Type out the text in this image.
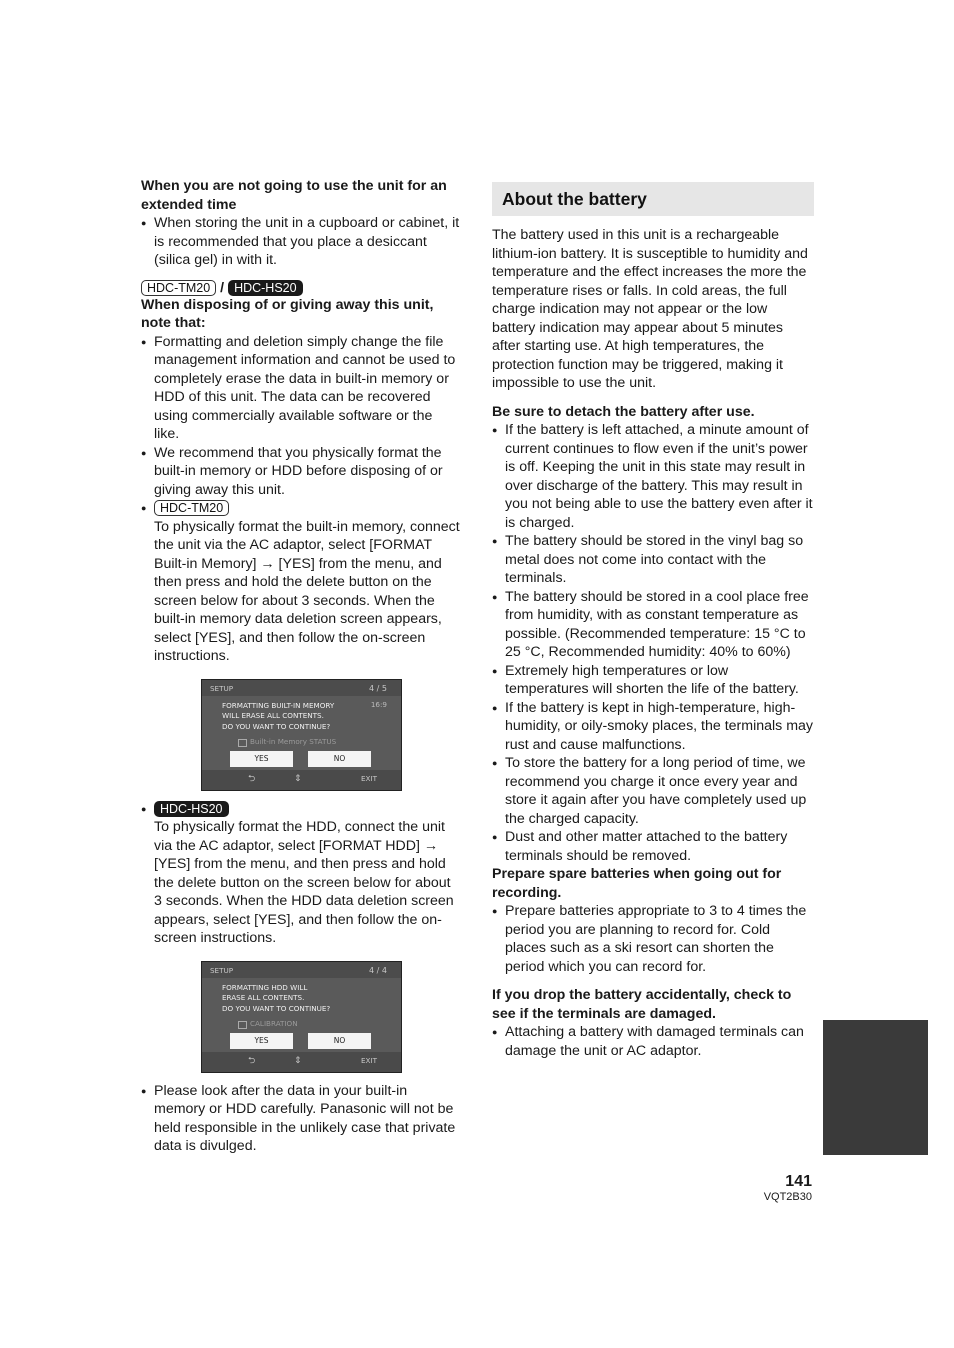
When you are not going to use the unit for an extended time

● When storing the unit in a cupboard or cabinet, it is recommended that you place a desiccant (silica gel) in with it.

HDC-TM20 / HDC-HS20

When disposing of or giving away this unit, note that:

● Formatting and deletion simply change the file management information and cannot be used to completely erase the data in built-in memory or HDD of this unit. The data can be recovered using commercially available software or the like.

● We recommend that you physically format the built-in memory or HDD before disposing of or giving away this unit.

● HDC-TM20

To physically format the built-in memory, connect the unit via the AC adaptor, select [FORMAT Built-in Memory] → [YES] from the menu, and then press and hold the delete button on the screen below for about 3 seconds. When the built-in memory data deletion screen appears, select [YES], and then follow the on-screen instructions.

SETUP	4 / 5
16:9
FORMATTING BUILT-IN MEMORY
WILL ERASE ALL CONTENTS.
DO YOU WANT TO CONTINUE?
Built-in Memory STATUS
YES	NO
⮌	⇕	EXIT
● HDC-HS20

To physically format the HDD, connect the unit via the AC adaptor, select [FORMAT HDD] → [YES] from the menu, and then press and hold the delete button on the screen below for about 3 seconds. When the HDD data deletion screen appears, select [YES], and then follow the on-screen instructions.

SETUP	4 / 4
FORMATTING HDD WILL
ERASE ALL CONTENTS.
DO YOU WANT TO CONTINUE?
CALIBRATION
YES	NO
⮌	⇕	EXIT

● Please look after the data in your built-in memory or HDD carefully. Panasonic will not be held responsible in the unlikely case that private data is divulged.

About the battery

The battery used in this unit is a rechargeable lithium-ion battery. It is susceptible to humidity and temperature and the effect increases the more the temperature rises or falls. In cold areas, the full charge indication may not appear or the low battery indication may appear about 5 minutes after starting use. At high temperatures, the protection function may be triggered, making it impossible to use the unit.

Be sure to detach the battery after use.

● If the battery is left attached, a minute amount of current continues to flow even if the unit’s power is off. Keeping the unit in this state may result in over discharge of the battery. This may result in you not being able to use the battery even after it is charged.

● The battery should be stored in the vinyl bag so metal does not come into contact with the terminals.

● The battery should be stored in a cool place free from humidity, with as constant temperature as possible. (Recommended temperature: 15 °C to 25 °C, Recommended humidity: 40% to 60%)

● Extremely high temperatures or low temperatures will shorten the life of the battery.

● If the battery is kept in high-temperature, high-humidity, or oily-smoky places, the terminals may rust and cause malfunctions.

● To store the battery for a long period of time, we recommend you charge it once every year and store it again after you have completely used up the charged capacity.

● Dust and other matter attached to the battery terminals should be removed.

Prepare spare batteries when going out for recording.

● Prepare batteries appropriate to 3 to 4 times the period you are planning to record for. Cold places such as a ski resort can shorten the period which you can record for.

If you drop the battery accidentally, check to see if the terminals are damaged.

● Attaching a battery with damaged terminals can damage the unit or AC adaptor.

141
VQT2B30
